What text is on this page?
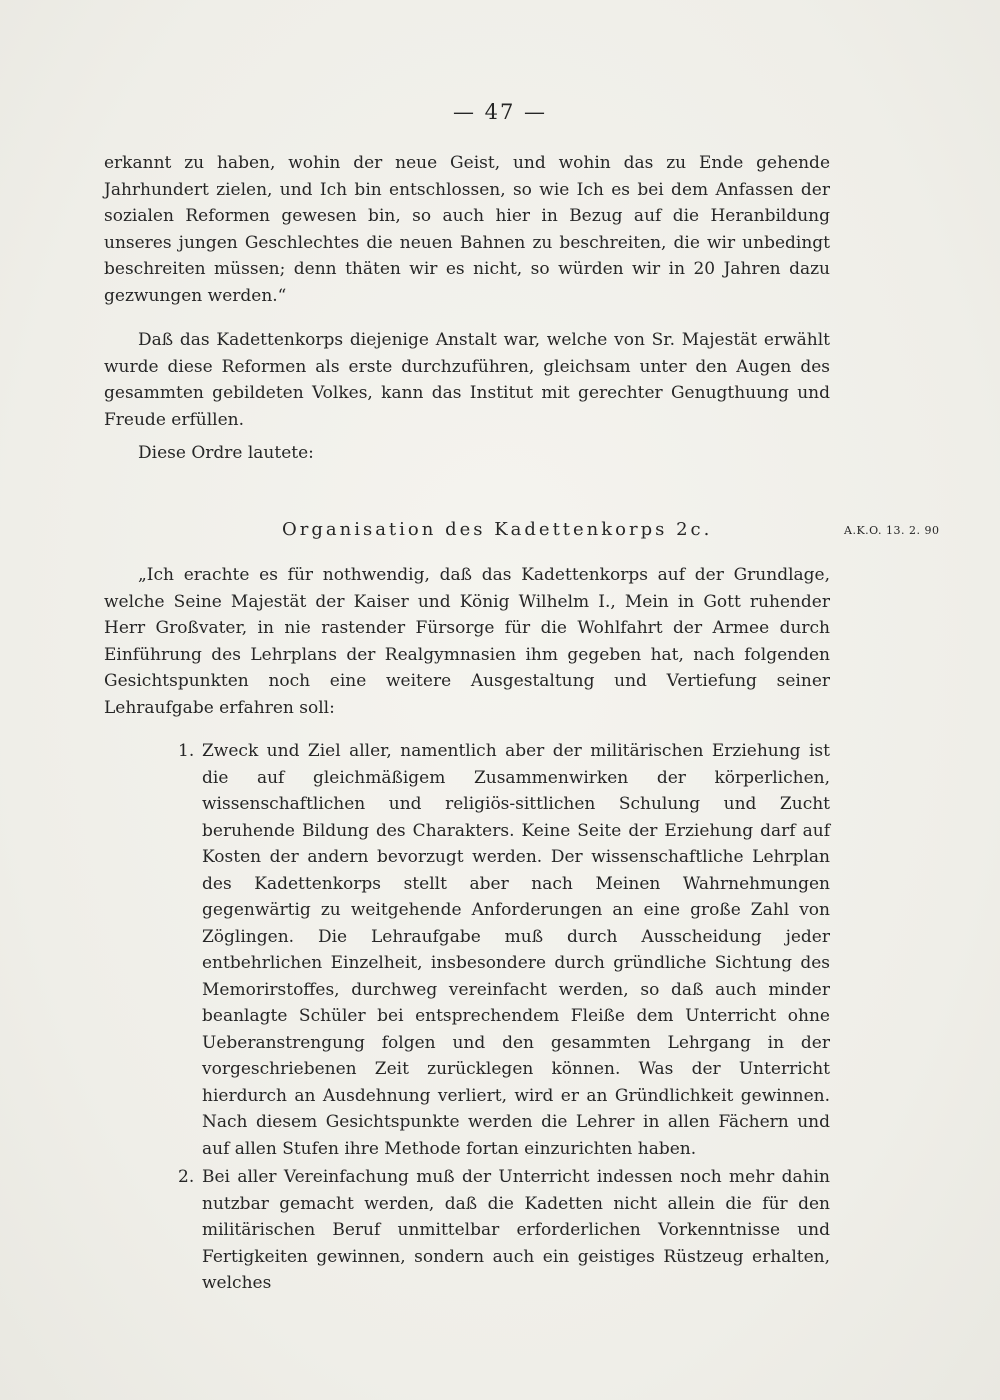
— 47 —

erkannt zu haben, wohin der neue Geist, und wohin das zu Ende gehende Jahrhundert zielen, und Ich bin entschlossen, so wie Ich es bei dem Anfassen der sozialen Reformen gewesen bin, so auch hier in Bezug auf die Heranbildung unseres jungen Geschlechtes die neuen Bahnen zu beschreiten, die wir unbedingt beschreiten müssen; denn thäten wir es nicht, so würden wir in 20 Jahren dazu gezwungen werden.“

Daß das Kadettenkorps diejenige Anstalt war, welche von Sr. Majestät erwählt wurde diese Reformen als erste durchzuführen, gleichsam unter den Augen des gesammten gebildeten Volkes, kann das Institut mit gerechter Genugthuung und Freude erfüllen.

Diese Ordre lautete:

Organisation des Kadettenkorps 2c.	A.K.O. 13. 2. 90

„Ich erachte es für nothwendig, daß das Kadettenkorps auf der Grundlage, welche Seine Majestät der Kaiser und König Wilhelm I., Mein in Gott ruhender Herr Großvater, in nie rastender Fürsorge für die Wohlfahrt der Armee durch Einführung des Lehrplans der Realgymnasien ihm gegeben hat, nach folgenden Gesichtspunkten noch eine weitere Ausgestaltung und Vertiefung seiner Lehraufgabe erfahren soll:

1. Zweck und Ziel aller, namentlich aber der militärischen Erziehung ist die auf gleichmäßigem Zusammenwirken der körperlichen, wissenschaftlichen und religiös-sittlichen Schulung und Zucht beruhende Bildung des Charakters. Keine Seite der Erziehung darf auf Kosten der andern bevorzugt werden. Der wissenschaftliche Lehrplan des Kadettenkorps stellt aber nach Meinen Wahrnehmungen gegenwärtig zu weitgehende Anforderungen an eine große Zahl von Zöglingen. Die Lehraufgabe muß durch Ausscheidung jeder entbehrlichen Einzelheit, insbesondere durch gründliche Sichtung des Memorirstoffes, durchweg vereinfacht werden, so daß auch minder beanlagte Schüler bei entsprechendem Fleiße dem Unterricht ohne Ueberanstrengung folgen und den gesammten Lehrgang in der vorgeschriebenen Zeit zurücklegen können. Was der Unterricht hierdurch an Ausdehnung verliert, wird er an Gründlichkeit gewinnen. Nach diesem Gesichtspunkte werden die Lehrer in allen Fächern und auf allen Stufen ihre Methode fortan einzurichten haben.
2. Bei aller Vereinfachung muß der Unterricht indessen noch mehr dahin nutzbar gemacht werden, daß die Kadetten nicht allein die für den militärischen Beruf unmittelbar erforderlichen Vorkenntnisse und Fertigkeiten gewinnen, sondern auch ein geistiges Rüstzeug erhalten, welches
